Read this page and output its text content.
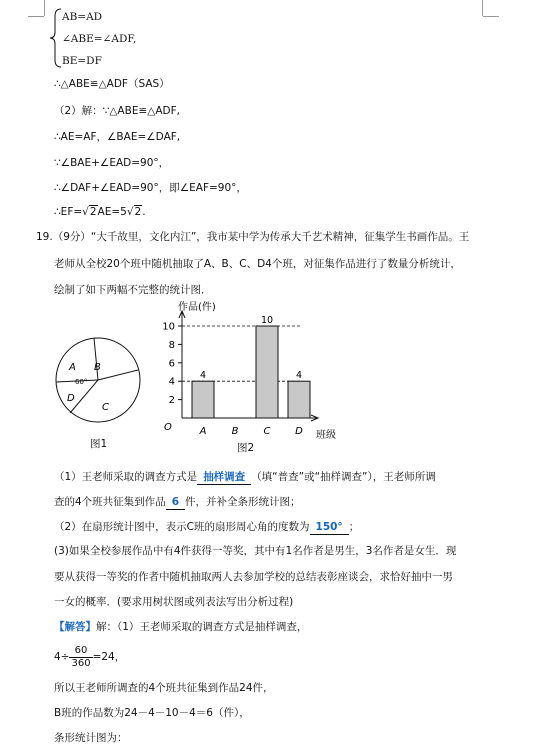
AB=AD
∠ABE=∠ADF,
BE=DF
∴△ABE≌△ADF（SAS）
（2）解：∵△ABE≌△ADF,
∴AE=AF，∠BAE=∠DAF,
∵∠BAE+∠EAD=90°，
∴∠DAF+∠EAD=90°，即∠EAF=90°，
∴EF=√2AE=5√2.
19.（9分）“大千故里，文化内江”，我市某中学为传承大千艺术精神，征集学生书画作品。王
老师从全校20个班中随机抽取了A、B、C、D4个班，对征集作品进行了数量分析统计，
绘制了如下两幅不完整的统计图．
A
60°
B
C
D
图1
作品(件)
班级
O
2
4
6
8
10
4
A	B
10
C
4
D
图2
（1）王老师采取的调查方式是 抽样调查 （填“普查”或“抽样调查”），王老师所调
查的4个班共征集到作品 6 件，并补全条形统计图；
（2）在扇形统计图中，表示C班的扇形周心角的度数为 150° ；
(3)如果全校参展作品中有4件获得一等奖，其中有1名作者是男生，3名作者是女生．现
要从获得一等奖的作者中随机抽取两人去参加学校的总结表彰座谈会，求恰好抽中一男
一女的概率．(要求用树状图或列表法写出分析过程)
【解答】解：（1）王老师采取的调查方式是抽样调查，
$4\div \frac{60}{360} =24$，
所以王老师所调查的4个班共征集到作品24件，
B班的作品数为24－4－10－4＝6（件），
条形统计图为：
